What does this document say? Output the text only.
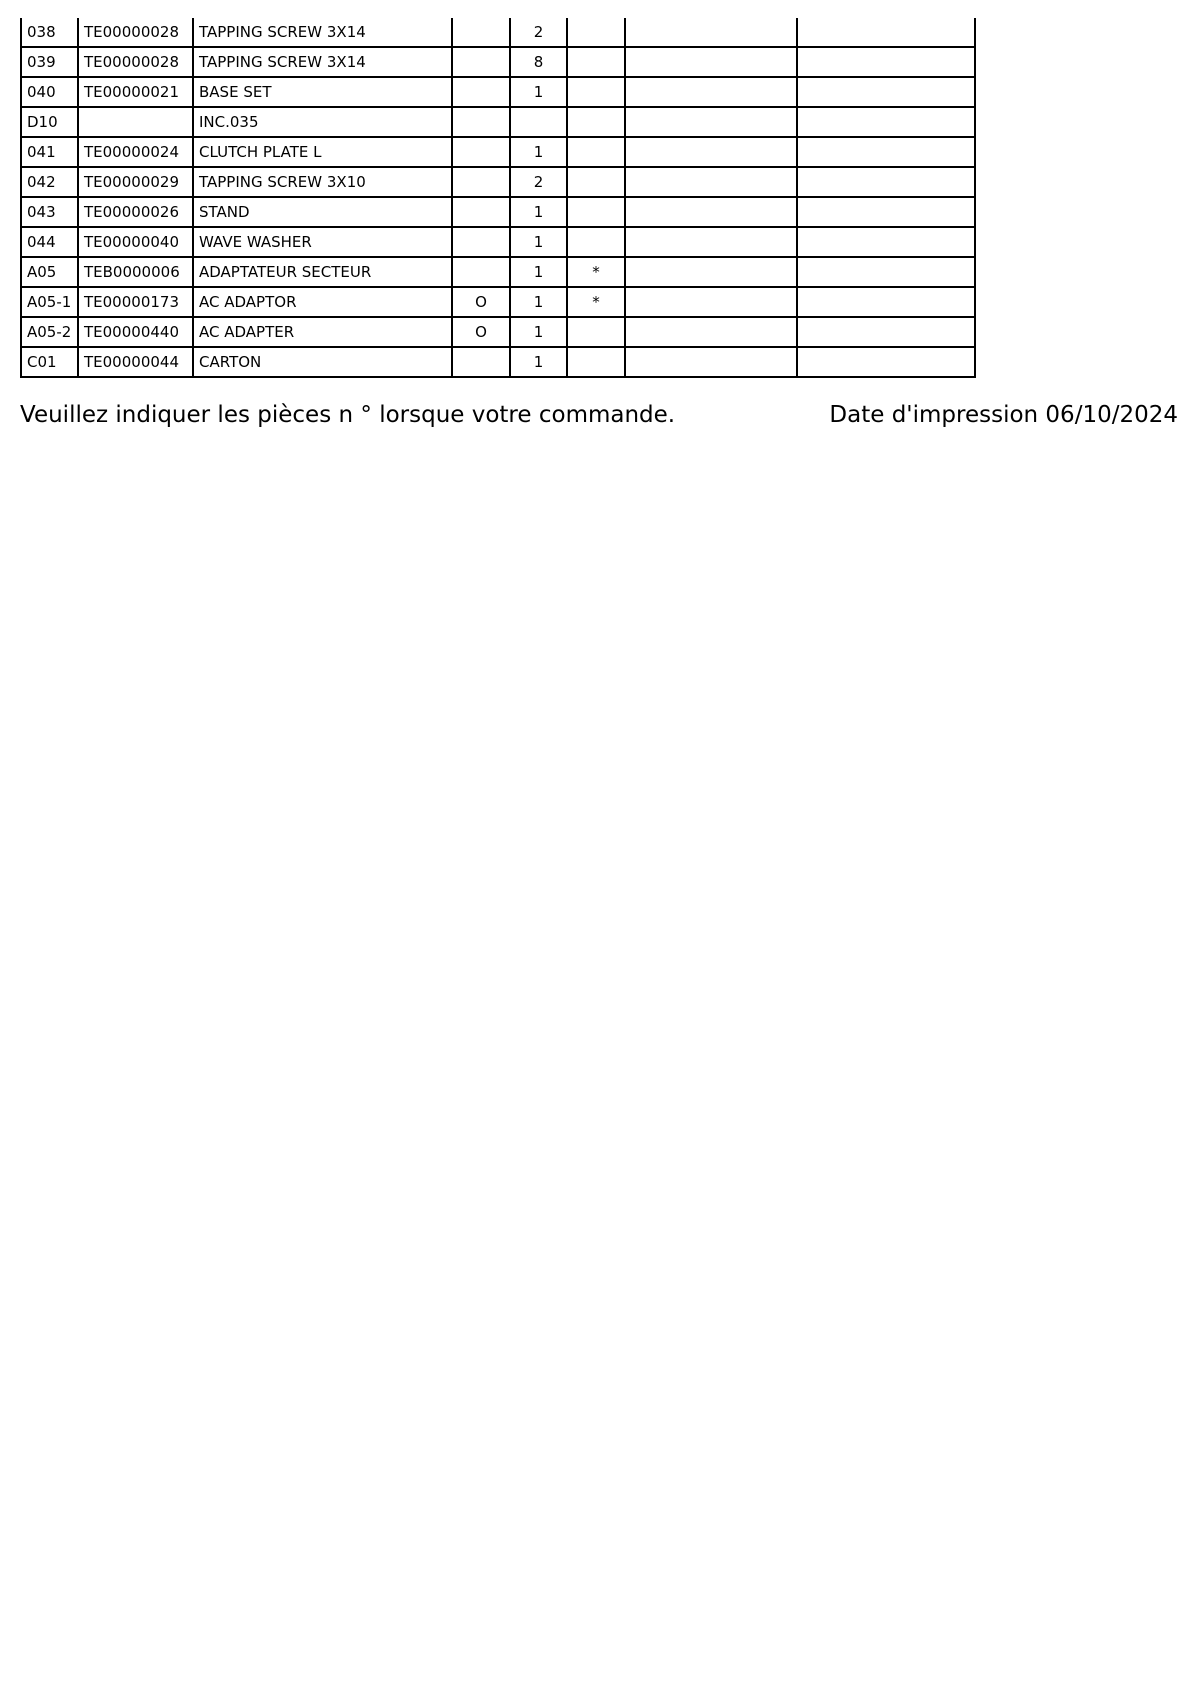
038	TE00000028	TAPPING SCREW 3X14		2			
039	TE00000028	TAPPING SCREW 3X14		8			
040	TE00000021	BASE SET		1			
D10		INC.035					
041	TE00000024	CLUTCH PLATE L		1			
042	TE00000029	TAPPING SCREW 3X10		2			
043	TE00000026	STAND		1			
044	TE00000040	WAVE WASHER		1			
A05	TEB0000006	ADAPTATEUR SECTEUR		1	*		
A05-1	TE00000173	AC ADAPTOR	O	1	*		
A05-2	TE00000440	AC ADAPTER	O	1			
C01	TE00000044	CARTON		1			
Veuillez indiquer les pièces n ° lorsque votre commande.	Date d'impression 06/10/2024
